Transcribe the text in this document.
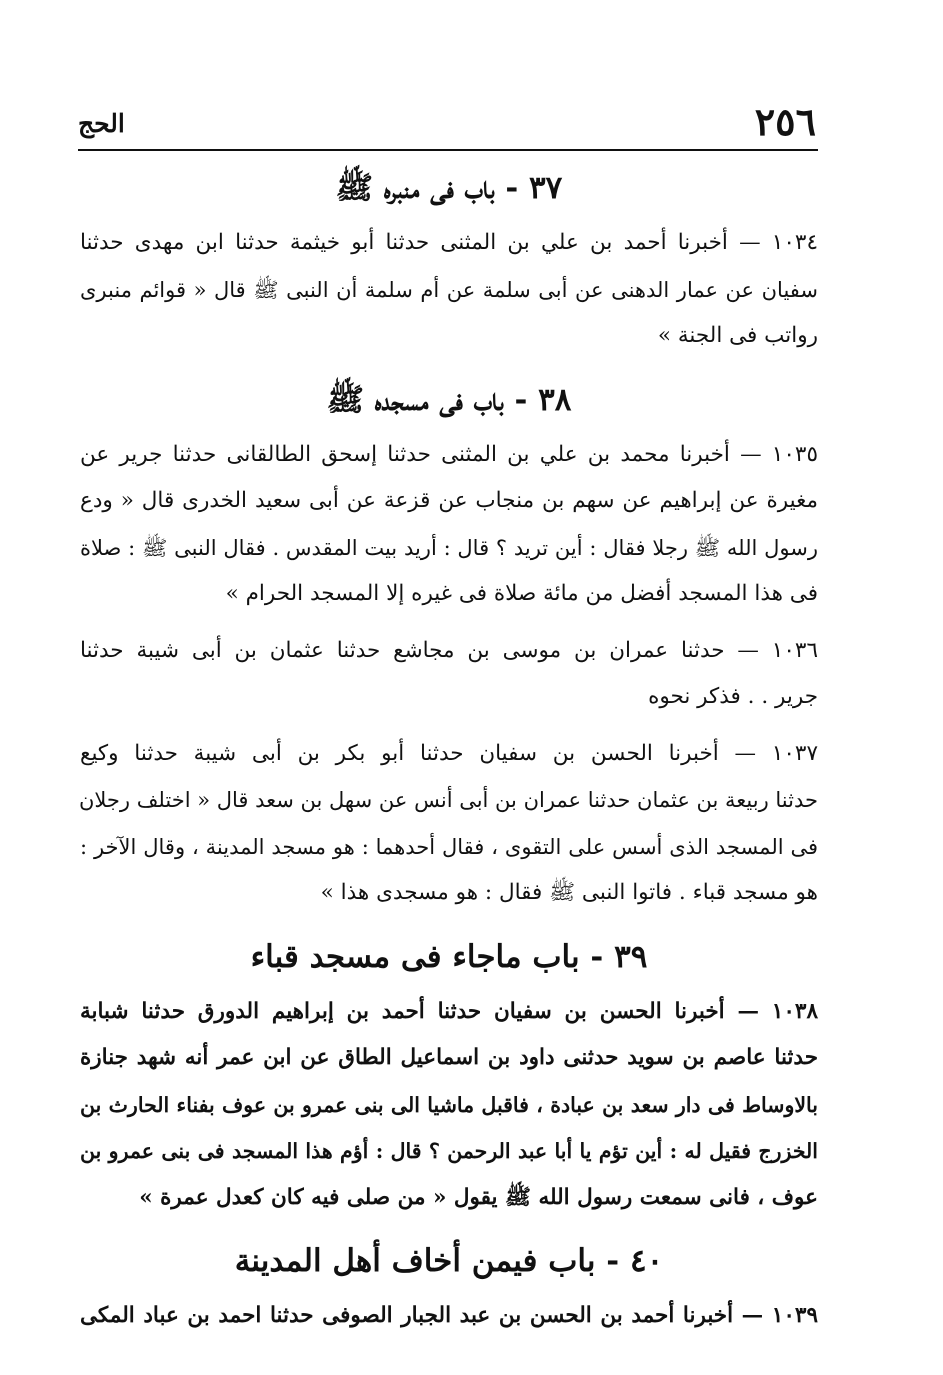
٢٥٦
الحج
٣٧ - باب فى منبره ﷺ
١٠٣٤ — أخبرنا أحمد بن علي بن المثنى حدثنا أبو خيثمة حدثنا ابن مهدى حدثنا
سفيان عن عمار الدهنى عن أبى سلمة عن أم سلمة أن النبى ﷺ قال « قوائم منبرى
رواتب فى الجنة »
٣٨ - باب فى مسجده ﷺ
١٠٣٥ — أخبرنا محمد بن علي بن المثنى حدثنا إسحق الطالقانى حدثنا جرير عن
مغيرة عن إبراهيم عن سهم بن منجاب عن قزعة عن أبى سعيد الخدرى قال « ودع
رسول الله ﷺ رجلا فقال : أين تريد ؟ قال : أريد بيت المقدس . فقال النبى ﷺ : صلاة
فى هذا المسجد أفضل من مائة صلاة فى غيره إلا المسجد الحرام »
١٠٣٦ — حدثنا عمران بن موسى بن مجاشع حدثنا عثمان بن أبى شيبة حدثنا
جرير . . فذكر نحوه
١٠٣٧ — أخبرنا الحسن بن سفيان حدثنا أبو بكر بن أبى شيبة حدثنا وكيع
حدثنا ربيعة بن عثمان حدثنا عمران بن أبى أنس عن سهل بن سعد قال « اختلف رجلان
فى المسجد الذى أسس على التقوى ، فقال أحدهما : هو مسجد المدينة ، وقال الآخر :
هو مسجد قباء . فاتوا النبى ﷺ فقال : هو مسجدى هذا »
٣٩ - باب ماجاء فى مسجد قباء
١٠٣٨ — أخبرنا الحسن بن سفيان حدثنا أحمد بن إبراهيم الدورق حدثنا شبابة
حدثنا عاصم بن سويد حدثنى داود بن اسماعيل الطاق عن ابن عمر أنه شهد جنازة
بالاوساط فى دار سعد بن عبادة ، فاقبل ماشيا الى بنى عمرو بن عوف بفناء الحارث بن
الخزرج فقيل له : أين تؤم يا أبا عبد الرحمن ؟ قال : أؤم هذا المسجد فى بنى عمرو بن
عوف ، فانى سمعت رسول الله ﷺ يقول « من صلى فيه كان كعدل عمرة »
٤٠ - باب فيمن أخاف أهل المدينة
١٠٣٩ — أخبرنا أحمد بن الحسن بن عبد الجبار الصوفى حدثنا احمد بن عباد المكى
